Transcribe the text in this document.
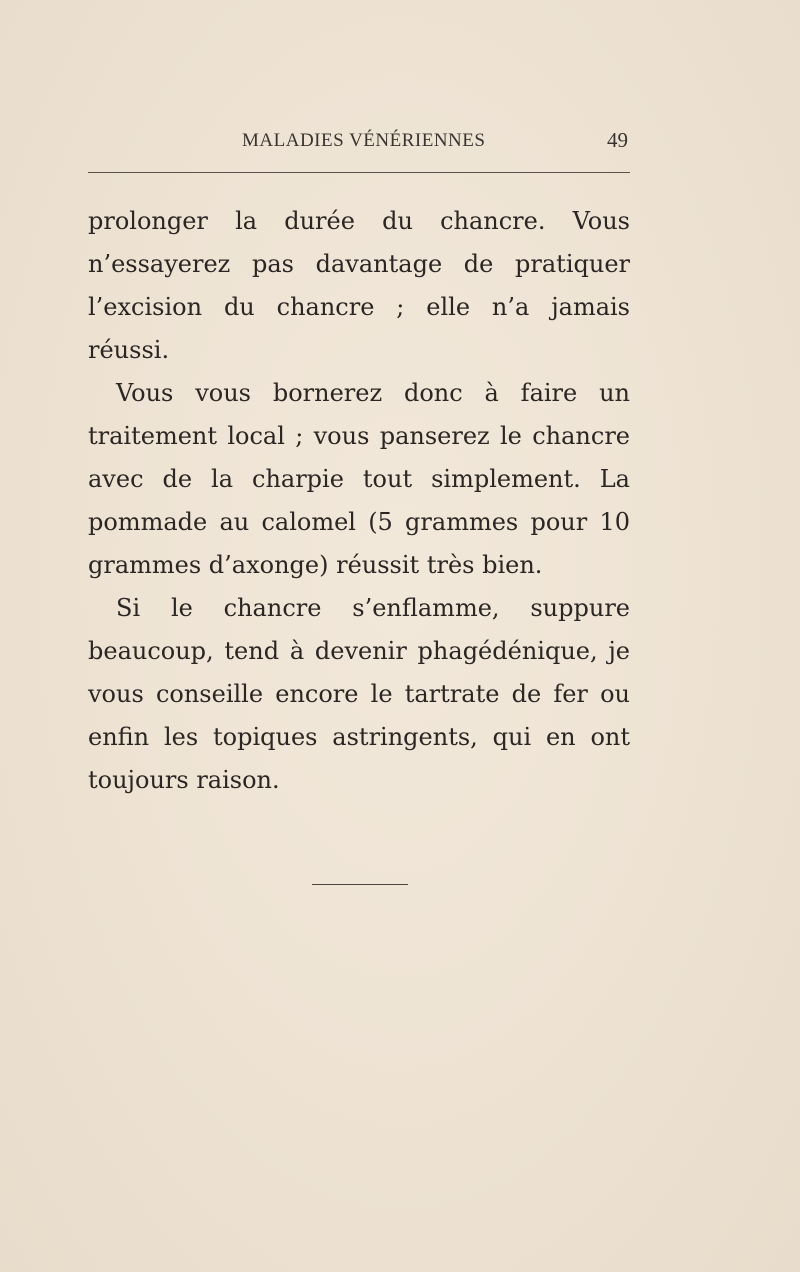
MALADIES VÉNÉRIENNES	49

prolonger la durée du chancre. Vous n’essayerez pas davantage de pratiquer l’excision du chancre ; elle n’a jamais réussi.

Vous vous bornerez donc à faire un traitement local ; vous panserez le chancre avec de la charpie tout simplement. La pommade au calomel (5 grammes pour 10 grammes d’axonge) réussit très bien.

Si le chancre s’enflamme, suppure beaucoup, tend à devenir phagédénique, je vous conseille encore le tartrate de fer ou enfin les topiques astringents, qui en ont toujours raison.
